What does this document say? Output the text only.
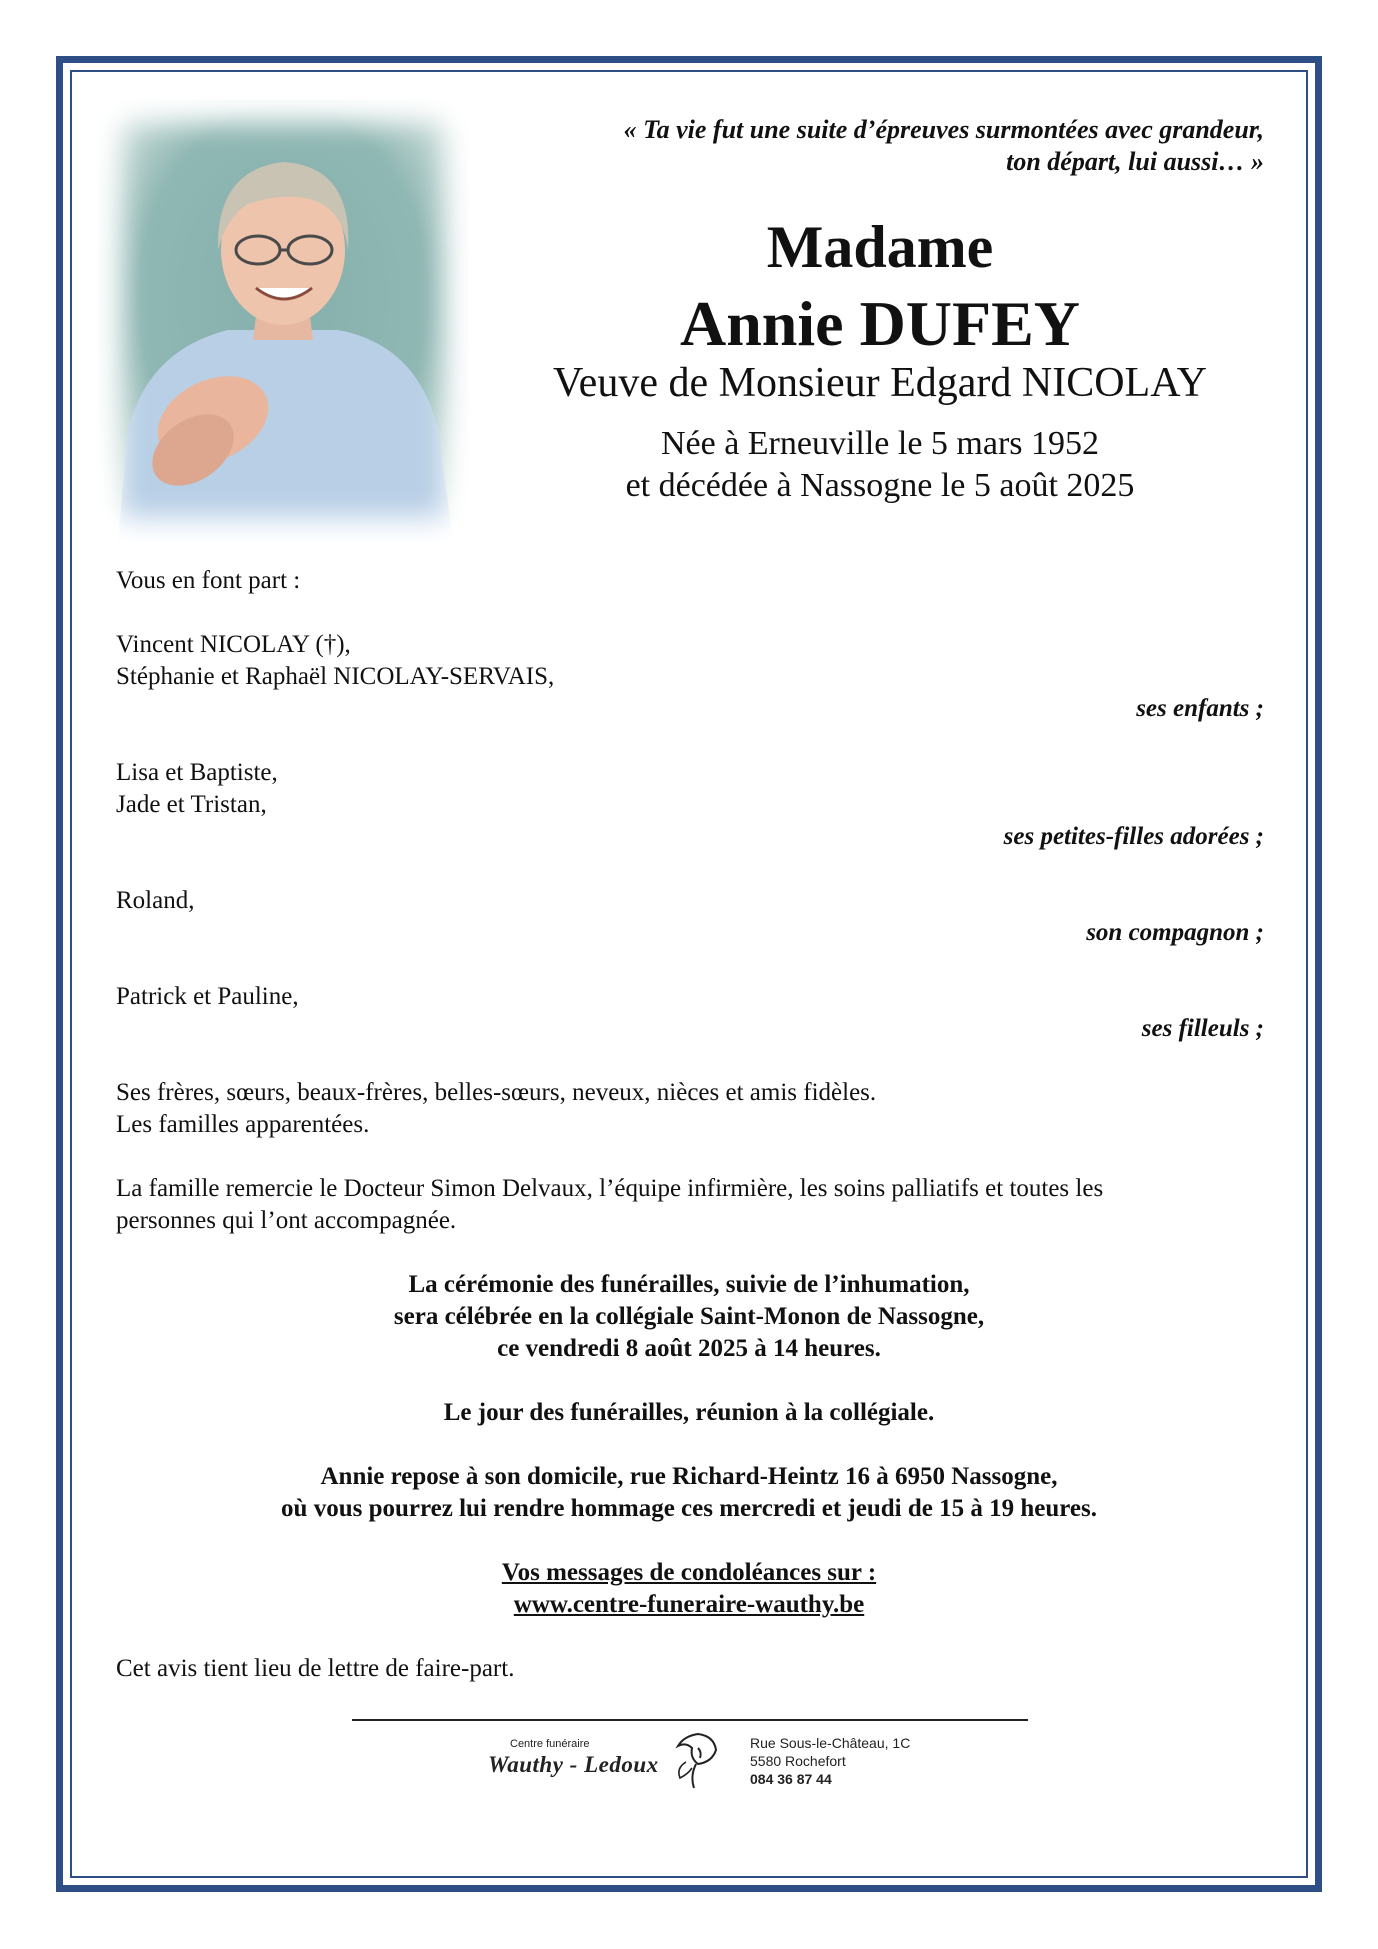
« Ta vie fut une suite d’épreuves surmontées avec grandeur,
ton départ, lui aussi… »
Madame
Annie DUFEY
Veuve de Monsieur Edgard NICOLAY
Née à Erneuville le 5 mars 1952
et décédée à Nassogne le 5 août 2025
Vous en font part :
Vincent NICOLAY (†),
Stéphanie et Raphaël NICOLAY-SERVAIS,
ses enfants ;
Lisa et Baptiste,
Jade et Tristan,
ses petites-filles adorées ;
Roland,
son compagnon ;
Patrick et Pauline,
ses filleuls ;
Ses frères, sœurs, beaux-frères, belles-sœurs, neveux, nièces et amis fidèles.
Les familles apparentées.
La famille remercie le Docteur Simon Delvaux, l’équipe infirmière, les soins palliatifs et toutes les
personnes qui l’ont accompagnée.
La cérémonie des funérailles, suivie de l’inhumation,
sera célébrée en la collégiale Saint-Monon de Nassogne,
ce vendredi 8 août 2025 à 14 heures.
Le jour des funérailles, réunion à la collégiale.
Annie repose à son domicile, rue Richard-Heintz 16 à 6950 Nassogne,
où vous pourrez lui rendre hommage ces mercredi et jeudi de 15 à 19 heures.
Vos messages de condoléances sur :
www.centre-funeraire-wauthy.be
Cet avis tient lieu de lettre de faire-part.
Centre funéraire
Wauthy - Ledoux
Rue Sous-le-Château, 1C
5580 Rochefort
084 36 87 44
